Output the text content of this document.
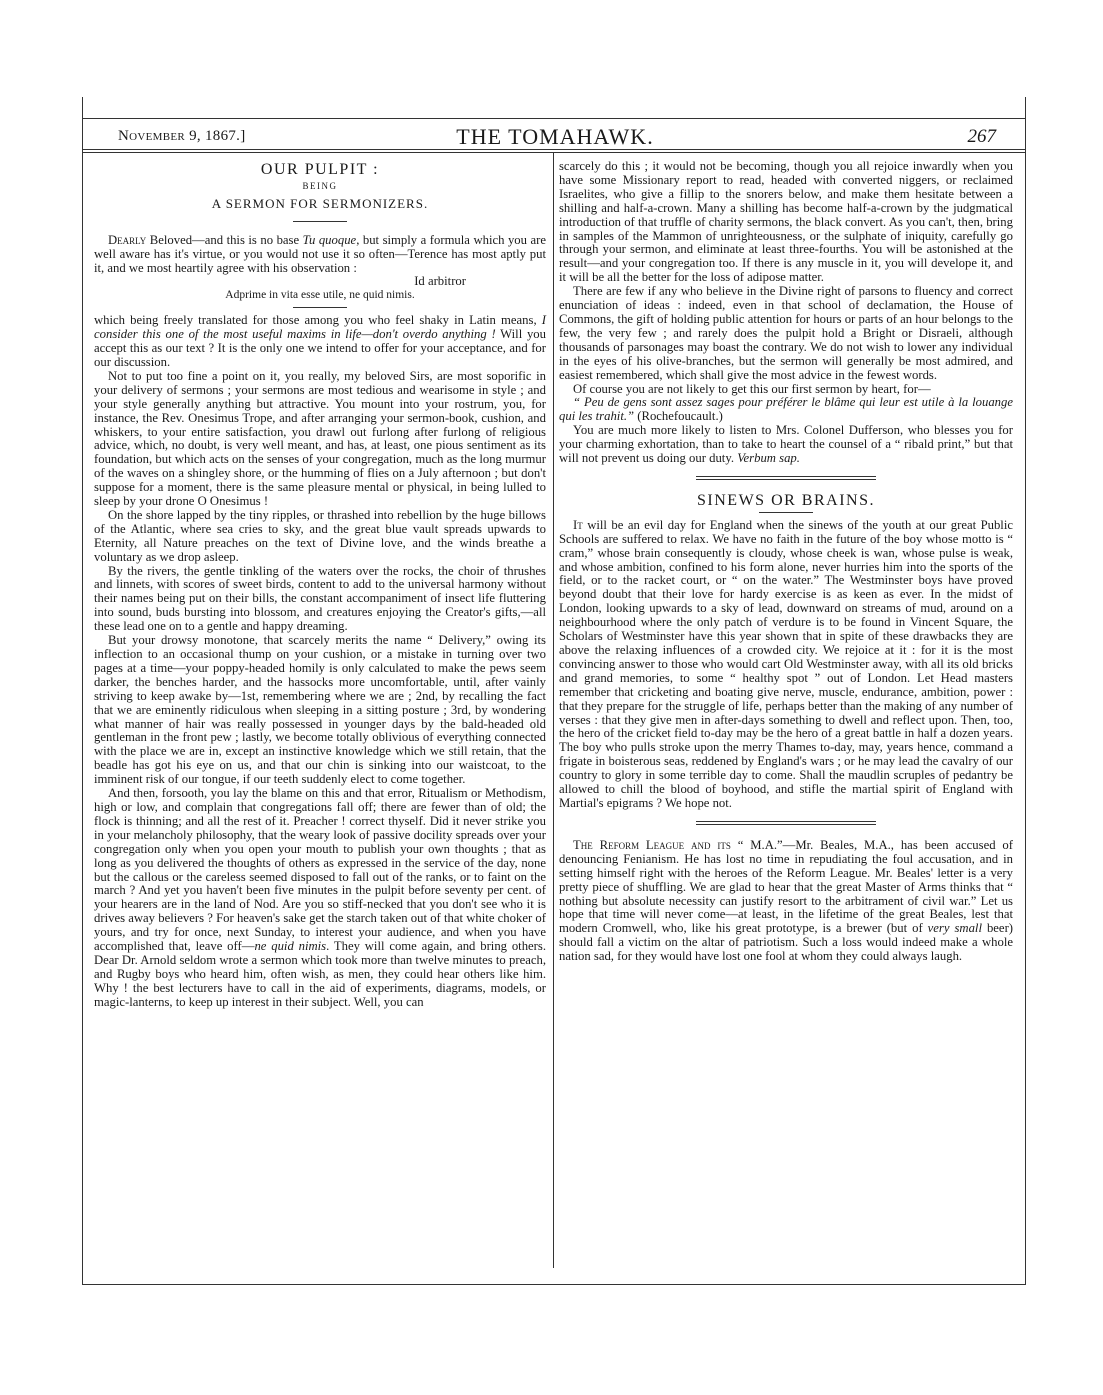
November 9, 1867.]	THE TOMAHAWK.	267
OUR PULPIT :
BEING
A SERMON FOR SERMONIZERS.

Dearly Beloved—and this is no base Tu quoque, but simply a formula which you are well aware has it's virtue, or you would not use it so often—Terence has most aptly put it, and we most heartily agree with his observation :

Id arbitror

Adprime in vita esse utile, ne quid nimis.

which being freely translated for those among you who feel shaky in Latin means, I consider this one of the most useful maxims in life—don't overdo anything ! Will you accept this as our text ? It is the only one we intend to offer for your acceptance, and for our discussion.

Not to put too fine a point on it, you really, my beloved Sirs, are most soporific in your delivery of sermons ; your sermons are most tedious and wearisome in style ; and your style generally anything but attractive. You mount into your rostrum, you, for instance, the Rev. Onesimus Trope, and after arranging your sermon-book, cushion, and whiskers, to your entire satisfaction, you drawl out furlong after furlong of religious advice, which, no doubt, is very well meant, and has, at least, one pious sentiment as its foundation, but which acts on the senses of your congregation, much as the long murmur of the waves on a shingley shore, or the humming of flies on a July afternoon ; but don't suppose for a moment, there is the same pleasure mental or physical, in being lulled to sleep by your drone O Onesimus !

On the shore lapped by the tiny ripples, or thrashed into rebellion by the huge billows of the Atlantic, where sea cries to sky, and the great blue vault spreads upwards to Eternity, all Nature preaches on the text of Divine love, and the winds breathe a voluntary as we drop asleep.

By the rivers, the gentle tinkling of the waters over the rocks, the choir of thrushes and linnets, with scores of sweet birds, content to add to the universal harmony without their names being put on their bills, the constant accompaniment of insect life fluttering into sound, buds bursting into blossom, and creatures enjoying the Creator's gifts,—all these lead one on to a gentle and happy dreaming.

But your drowsy monotone, that scarcely merits the name “ Delivery,” owing its inflection to an occasional thump on your cushion, or a mistake in turning over two pages at a time—your poppy-headed homily is only calculated to make the pews seem darker, the benches harder, and the hassocks more uncomfortable, until, after vainly striving to keep awake by—1st, remembering where we are ; 2nd, by recalling the fact that we are eminently ridiculous when sleeping in a sitting posture ; 3rd, by wondering what manner of hair was really possessed in younger days by the bald-headed old gentleman in the front pew ; lastly, we become totally oblivious of everything connected with the place we are in, except an instinctive knowledge which we still retain, that the beadle has got his eye on us, and that our chin is sinking into our waistcoat, to the imminent risk of our tongue, if our teeth suddenly elect to come together.

And then, forsooth, you lay the blame on this and that error, Ritualism or Methodism, high or low, and complain that congregations fall off; there are fewer than of old; the flock is thinning; and all the rest of it. Preacher ! correct thyself. Did it never strike you in your melancholy philosophy, that the weary look of passive docility spreads over your congregation only when you open your mouth to publish your own thoughts ; that as long as you delivered the thoughts of others as expressed in the service of the day, none but the callous or the careless seemed disposed to fall out of the ranks, or to faint on the march ? And yet you haven't been five minutes in the pulpit before seventy per cent. of your hearers are in the land of Nod. Are you so stiff-necked that you don't see who it is drives away believers ? For heaven's sake get the starch taken out of that white choker of yours, and try for once, next Sunday, to interest your audience, and when you have accomplished that, leave off—ne quid nimis. They will come again, and bring others. Dear Dr. Arnold seldom wrote a sermon which took more than twelve minutes to preach, and Rugby boys who heard him, often wish, as men, they could hear others like him. Why ! the best lecturers have to call in the aid of experiments, diagrams, models, or magic-lanterns, to keep up interest in their subject. Well, you can

scarcely do this ; it would not be becoming, though you all rejoice inwardly when you have some Missionary report to read, headed with converted niggers, or reclaimed Israelites, who give a fillip to the snorers below, and make them hesitate between a shilling and half-a-crown. Many a shilling has become half-a-crown by the judgmatical introduction of that truffle of charity sermons, the black convert. As you can't, then, bring in samples of the Mammon of unrighteousness, or the sulphate of iniquity, carefully go through your sermon, and eliminate at least three-fourths. You will be astonished at the result—and your congregation too. If there is any muscle in it, you will develope it, and it will be all the better for the loss of adipose matter.

There are few if any who believe in the Divine right of parsons to fluency and correct enunciation of ideas : indeed, even in that school of declamation, the House of Commons, the gift of holding public attention for hours or parts of an hour belongs to the few, the very few ; and rarely does the pulpit hold a Bright or Disraeli, although thousands of parsonages may boast the contrary. We do not wish to lower any individual in the eyes of his olive-branches, but the sermon will generally be most admired, and easiest remembered, which shall give the most advice in the fewest words.

Of course you are not likely to get this our first sermon by heart, for—

“ Peu de gens sont assez sages pour préférer le blâme qui leur est utile à la louange qui les trahit.” (Rochefoucault.)

You are much more likely to listen to Mrs. Colonel Dufferson, who blesses you for your charming exhortation, than to take to heart the counsel of a “ ribald print,” but that will not prevent us doing our duty. Verbum sap.

SINEWS OR BRAINS.

It will be an evil day for England when the sinews of the youth at our great Public Schools are suffered to relax. We have no faith in the future of the boy whose motto is “ cram,” whose brain consequently is cloudy, whose cheek is wan, whose pulse is weak, and whose ambition, confined to his form alone, never hurries him into the sports of the field, or to the racket court, or “ on the water.” The Westminster boys have proved beyond doubt that their love for hardy exercise is as keen as ever. In the midst of London, looking upwards to a sky of lead, downward on streams of mud, around on a neighbourhood where the only patch of verdure is to be found in Vincent Square, the Scholars of Westminster have this year shown that in spite of these drawbacks they are above the relaxing influences of a crowded city. We rejoice at it : for it is the most convincing answer to those who would cart Old Westminster away, with all its old bricks and grand memories, to some “ healthy spot ” out of London. Let Head masters remember that cricketing and boating give nerve, muscle, endurance, ambition, power : that they prepare for the struggle of life, perhaps better than the making of any number of verses : that they give men in after-days something to dwell and reflect upon. Then, too, the hero of the cricket field to-day may be the hero of a great battle in half a dozen years. The boy who pulls stroke upon the merry Thames to-day, may, years hence, command a frigate in boisterous seas, reddened by England's wars ; or he may lead the cavalry of our country to glory in some terrible day to come. Shall the maudlin scruples of pedantry be allowed to chill the blood of boyhood, and stifle the martial spirit of England with Martial's epigrams ? We hope not.

The Reform League and its “ M.A.”—Mr. Beales, M.A., has been accused of denouncing Fenianism. He has lost no time in repudiating the foul accusation, and in setting himself right with the heroes of the Reform League. Mr. Beales' letter is a very pretty piece of shuffling. We are glad to hear that the great Master of Arms thinks that “ nothing but absolute necessity can justify resort to the arbitrament of civil war.” Let us hope that time will never come—at least, in the lifetime of the great Beales, lest that modern Cromwell, who, like his great prototype, is a brewer (but of very small beer) should fall a victim on the altar of patriotism. Such a loss would indeed make a whole nation sad, for they would have lost one fool at whom they could always laugh.
